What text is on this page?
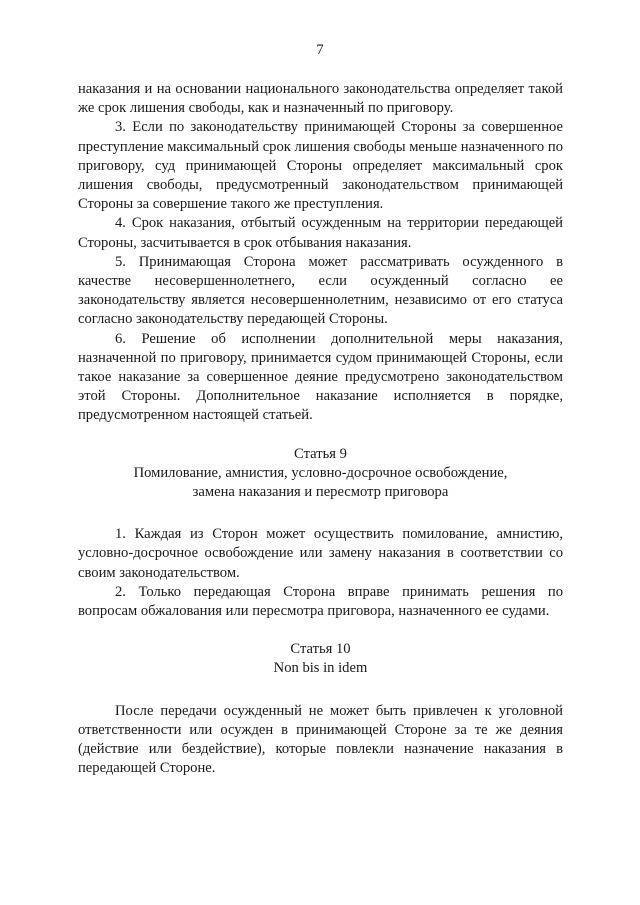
7

наказания и на основании национального законодательства определяет такой же срок лишения свободы, как и назначенный по приговору.

3. Если по законодательству принимающей Стороны за совершенное преступление максимальный срок лишения свободы меньше назначенного по приговору, суд принимающей Стороны определяет максимальный срок лишения свободы, предусмотренный законодательством принимающей Стороны за совершение такого же преступления.

4. Срок наказания, отбытый осужденным на территории передающей Стороны, засчитывается в срок отбывания наказания.

5. Принимающая Сторона может рассматривать осужденного в качестве несовершеннолетнего, если осужденный согласно ее законодательству является несовершеннолетним, независимо от его статуса согласно законодательству передающей Стороны.

6. Решение об исполнении дополнительной меры наказания, назначенной по приговору, принимается судом принимающей Стороны, если такое наказание за совершенное деяние предусмотрено законодательством этой Стороны. Дополнительное наказание исполняется в порядке, предусмотренном настоящей статьей.

Статья 9

Помилование, амнистия, условно-досрочное освобождение,

замена наказания и пересмотр приговора

1. Каждая из Сторон может осуществить помилование, амнистию, условно-досрочное освобождение или замену наказания в соответствии со своим законодательством.

2. Только передающая Сторона вправе принимать решения по вопросам обжалования или пересмотра приговора, назначенного ее судами.

Статья 10

Non bis in idem

После передачи осужденный не может быть привлечен к уголовной ответственности или осужден в принимающей Стороне за те же деяния (действие или бездействие), которые повлекли назначение наказания в передающей Стороне.
